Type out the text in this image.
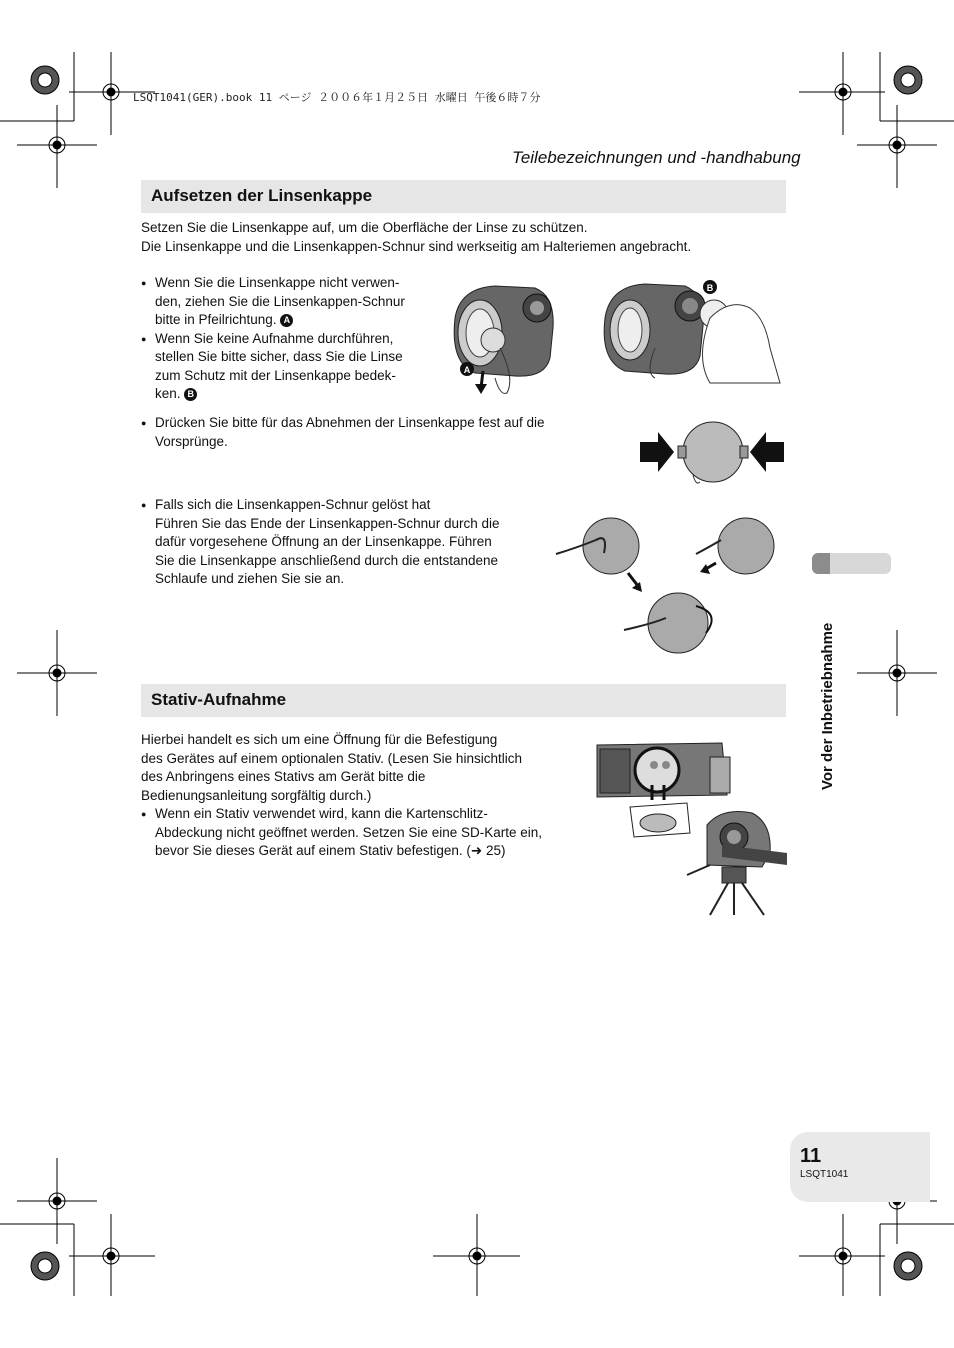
LSQT1041(GER).book 11 ページ ２００６年１月２５日 水曜日 午後６時７分
Teilebezeichnungen und -handhabung
Aufsetzen der Linsenkappe
Setzen Sie die Linsenkappe auf, um die Oberfläche der Linse zu schützen.
Die Linsenkappe und die Linsenkappen-Schnur sind werkseitig am Halteriemen angebracht.
● Wenn Sie die Linsenkappe nicht verwen-
den, ziehen Sie die Linsenkappen-Schnur
bitte in Pfeilrichtung. A
● Wenn Sie keine Aufnahme durchführen,
stellen Sie bitte sicher, dass Sie die Linse
zum Schutz mit der Linsenkappe bedek-
ken. B
A
B
● Drücken Sie bitte für das Abnehmen der Linsenkappe fest auf die
Vorsprünge.
● Falls sich die Linsenkappen-Schnur gelöst hat
Führen Sie das Ende der Linsenkappen-Schnur durch die
dafür vorgesehene Öffnung an der Linsenkappe. Führen
Sie die Linsenkappe anschließend durch die entstandene
Schlaufe und ziehen Sie sie an.
Stativ-Aufnahme
Hierbei handelt es sich um eine Öffnung für die Befestigung
des Gerätes auf einem optionalen Stativ. (Lesen Sie hinsichtlich
des Anbringens eines Stativs am Gerät bitte die
Bedienungsanleitung sorgfältig durch.)
● Wenn ein Stativ verwendet wird, kann die Kartenschlitz-
Abdeckung nicht geöffnet werden. Setzen Sie eine SD-Karte ein,
bevor Sie dieses Gerät auf einem Stativ befestigen. (➜ 25)
Vor der Inbetriebnahme
11
LSQT1041
